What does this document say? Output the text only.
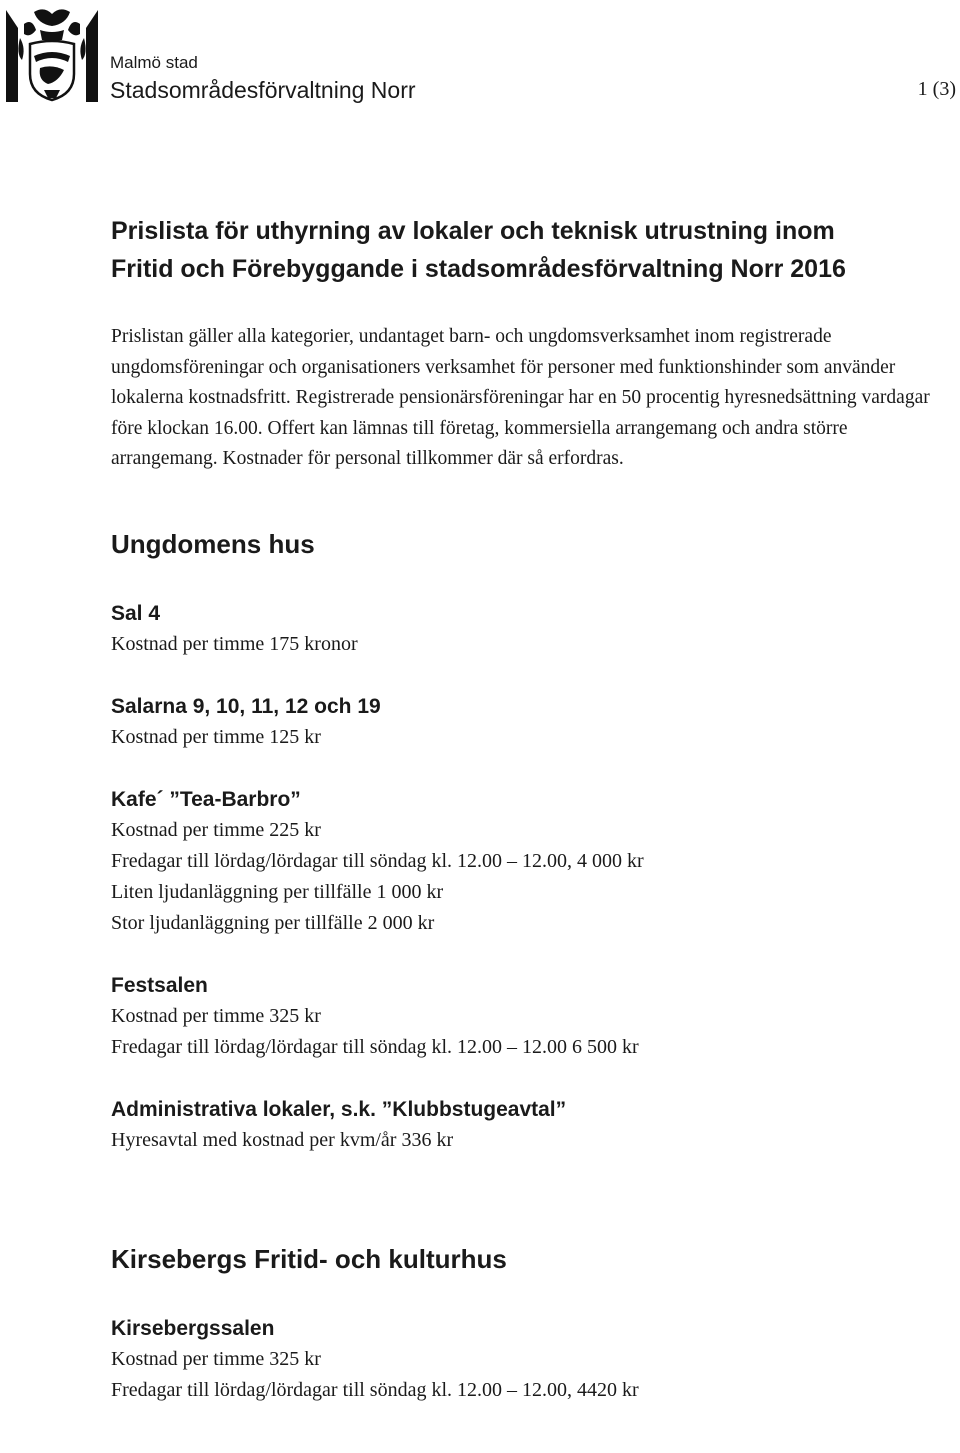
Malmö stad
Stadsområdesförvaltning Norr	1 (3)
Prislista för uthyrning av lokaler och teknisk utrustning inom
Fritid och Förebyggande i stadsområdesförvaltning Norr 2016

Prislistan gäller alla kategorier, undantaget barn- och ungdomsverksamhet inom registrerade ungdomsföreningar och organisationers verksamhet för personer med funktionshinder som använder lokalerna kostnadsfritt. Registrerade pensionärsföreningar har en 50 procentig hyresnedsättning vardagar före klockan 16.00. Offert kan lämnas till företag, kommersiella arrangemang och andra större arrangemang. Kostnader för personal tillkommer där så erfordras.

Ungdomens hus
Sal 4

Kostnad per timme 175 kronor

Salarna 9, 10, 11, 12 och 19

Kostnad per timme 125 kr

Kafe´ ”Tea-Barbro”

Kostnad per timme 225 kr

Fredagar till lördag/lördagar till söndag kl. 12.00 – 12.00, 4 000 kr

Liten ljudanläggning per tillfälle 1 000 kr

Stor ljudanläggning per tillfälle 2 000 kr

Festsalen

Kostnad per timme 325 kr

Fredagar till lördag/lördagar till söndag kl. 12.00 – 12.00 6 500 kr

Administrativa lokaler, s.k. ”Klubbstugeavtal”

Hyresavtal med kostnad per kvm/år 336 kr

Kirsebergs Fritid- och kulturhus
Kirsebergssalen

Kostnad per timme 325 kr

Fredagar till lördag/lördagar till söndag kl. 12.00 – 12.00, 4420 kr
